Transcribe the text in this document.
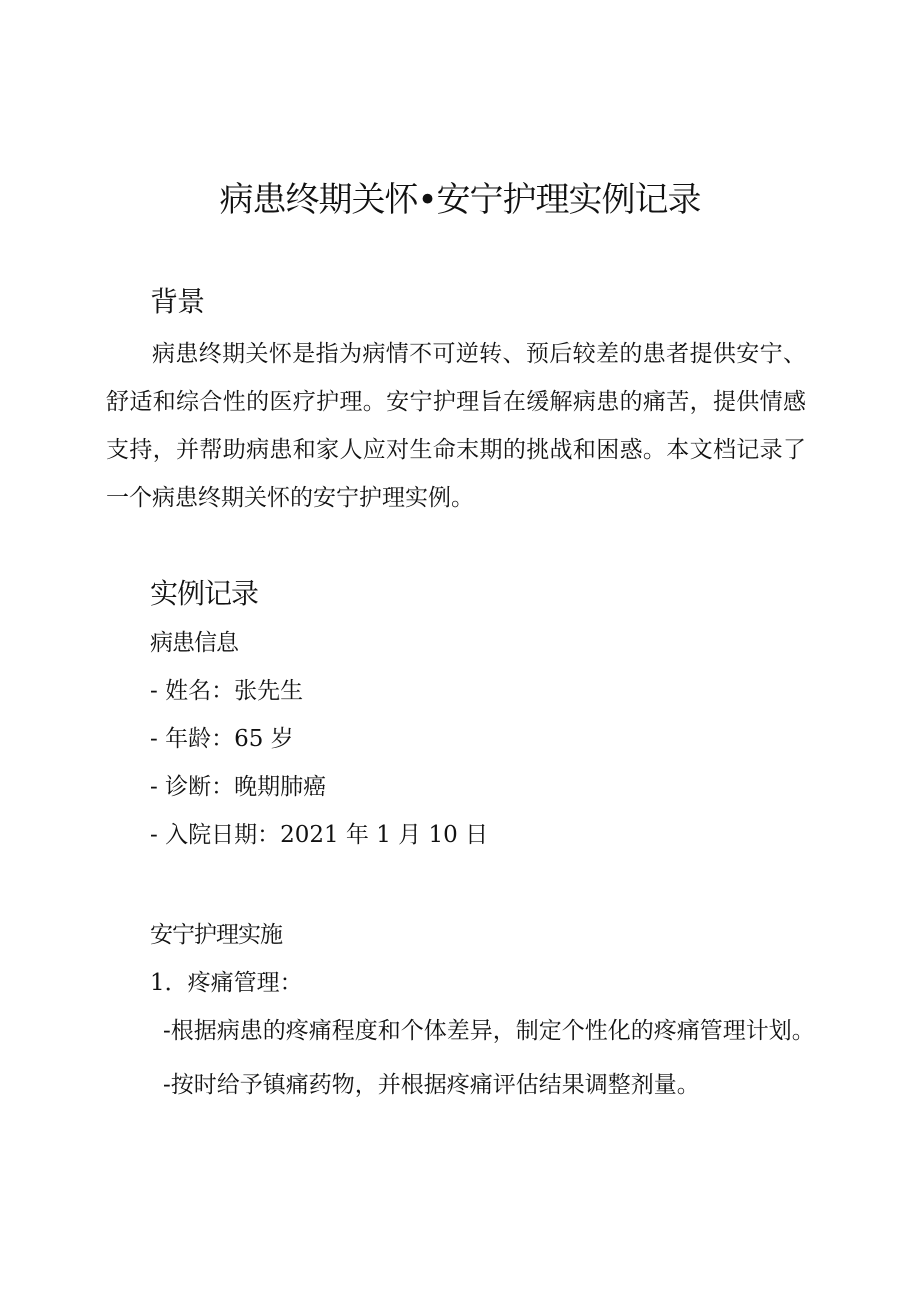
病患终期关怀•安宁护理实例记录
背景

病患终期关怀是指为病情不可逆转、预后较差的患者提供安宁、舒适和综合性的医疗护理。安宁护理旨在缓解病患的痛苦，提供情感支持，并帮助病患和家人应对生命末期的挑战和困惑。本文档记录了一个病患终期关怀的安宁护理实例。

实例记录
病患信息

- 姓名：张先生

- 年龄：65 岁

- 诊断：晚期肺癌

- 入院日期：2021 年 1 月 10 日

安宁护理实施

1．疼痛管理：

-根据病患的疼痛程度和个体差异，制定个性化的疼痛管理计划。

-按时给予镇痛药物，并根据疼痛评估结果调整剂量。
